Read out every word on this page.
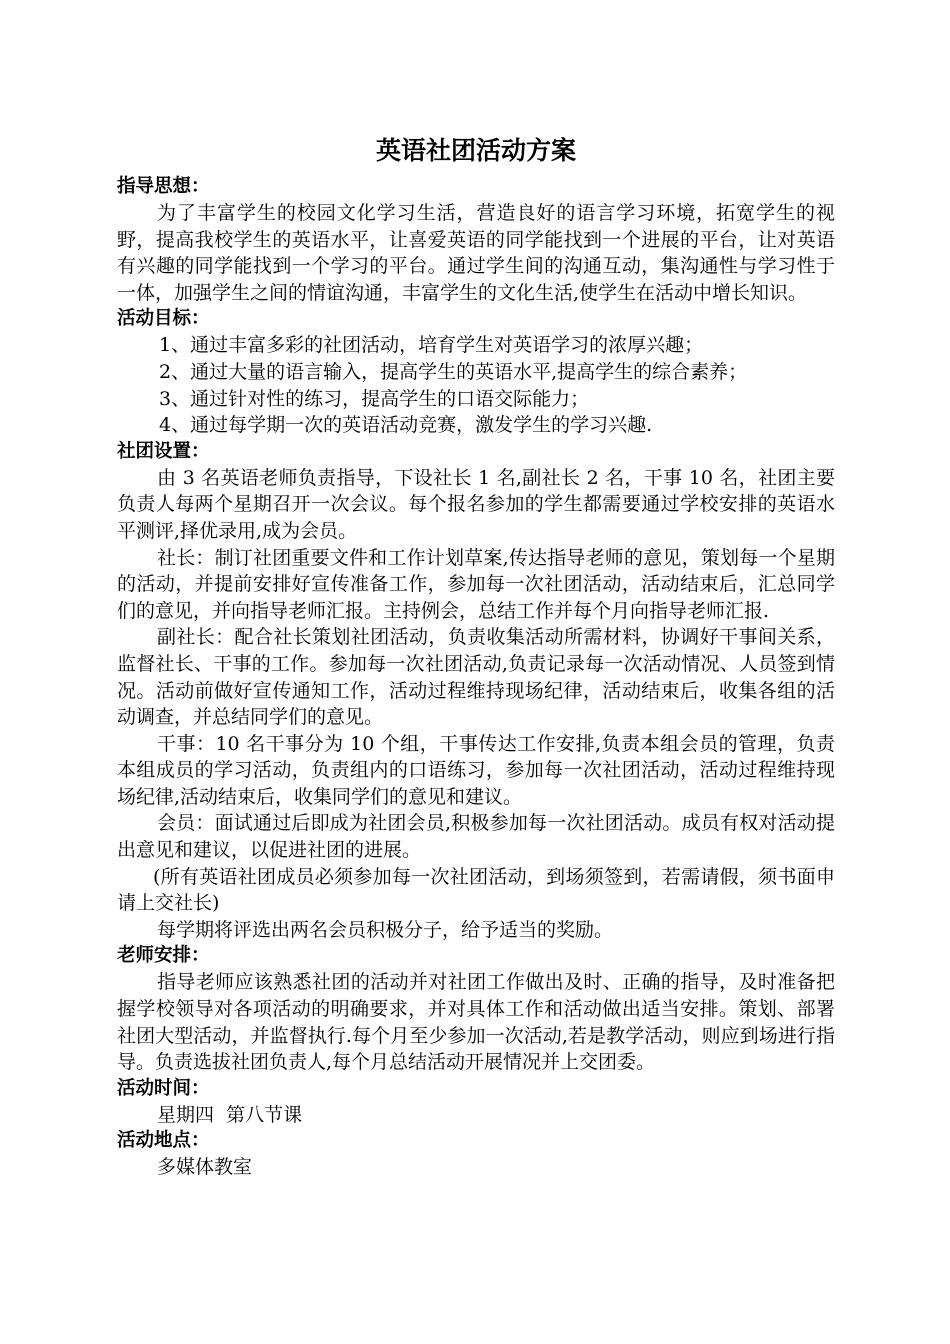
英语社团活动方案
指导思想：

为了丰富学生的校园文化学习生活，营造良好的语言学习环境，拓宽学生的视野，提高我校学生的英语水平，让喜爱英语的同学能找到一个进展的平台，让对英语有兴趣的同学能找到一个学习的平台。通过学生间的沟通互动，集沟通性与学习性于一体，加强学生之间的情谊沟通，丰富学生的文化生活,使学生在活动中增长知识。

活动目标：

1、通过丰富多彩的社团活动，培育学生对英语学习的浓厚兴趣；

2、通过大量的语言输入，提高学生的英语水平,提高学生的综合素养；

3、通过针对性的练习，提高学生的口语交际能力；

4、通过每学期一次的英语活动竞赛，激发学生的学习兴趣.

社团设置：

由 3 名英语老师负责指导，下设社长 1 名,副社长 2 名，干事 10 名，社团主要负责人每两个星期召开一次会议。每个报名参加的学生都需要通过学校安排的英语水平测评,择优录用,成为会员。

社长：制订社团重要文件和工作计划草案,传达指导老师的意见，策划每一个星期的活动，并提前安排好宣传准备工作，参加每一次社团活动，活动结束后，汇总同学们的意见，并向指导老师汇报。主持例会，总结工作并每个月向指导老师汇报.

副社长：配合社长策划社团活动，负责收集活动所需材料，协调好干事间关系，监督社长、干事的工作。参加每一次社团活动,负责记录每一次活动情况、人员签到情况。活动前做好宣传通知工作，活动过程维持现场纪律，活动结束后，收集各组的活动调查，并总结同学们的意见。

干事：10 名干事分为 10 个组，干事传达工作安排,负责本组会员的管理，负责本组成员的学习活动，负责组内的口语练习，参加每一次社团活动，活动过程维持现场纪律,活动结束后，收集同学们的意见和建议。

会员：面试通过后即成为社团会员,积极参加每一次社团活动。成员有权对活动提出意见和建议，以促进社团的进展。

(所有英语社团成员必须参加每一次社团活动，到场须签到，若需请假，须书面申请上交社长)

每学期将评选出两名会员积极分子，给予适当的奖励。

老师安排：

指导老师应该熟悉社团的活动并对社团工作做出及时、正确的指导，及时准备把握学校领导对各项活动的明确要求，并对具体工作和活动做出适当安排。策划、部署社团大型活动，并监督执行.每个月至少参加一次活动,若是教学活动，则应到场进行指导。负责选拔社团负责人,每个月总结活动开展情况并上交团委。

活动时间：

星期四  第八节课

活动地点：

多媒体教室
